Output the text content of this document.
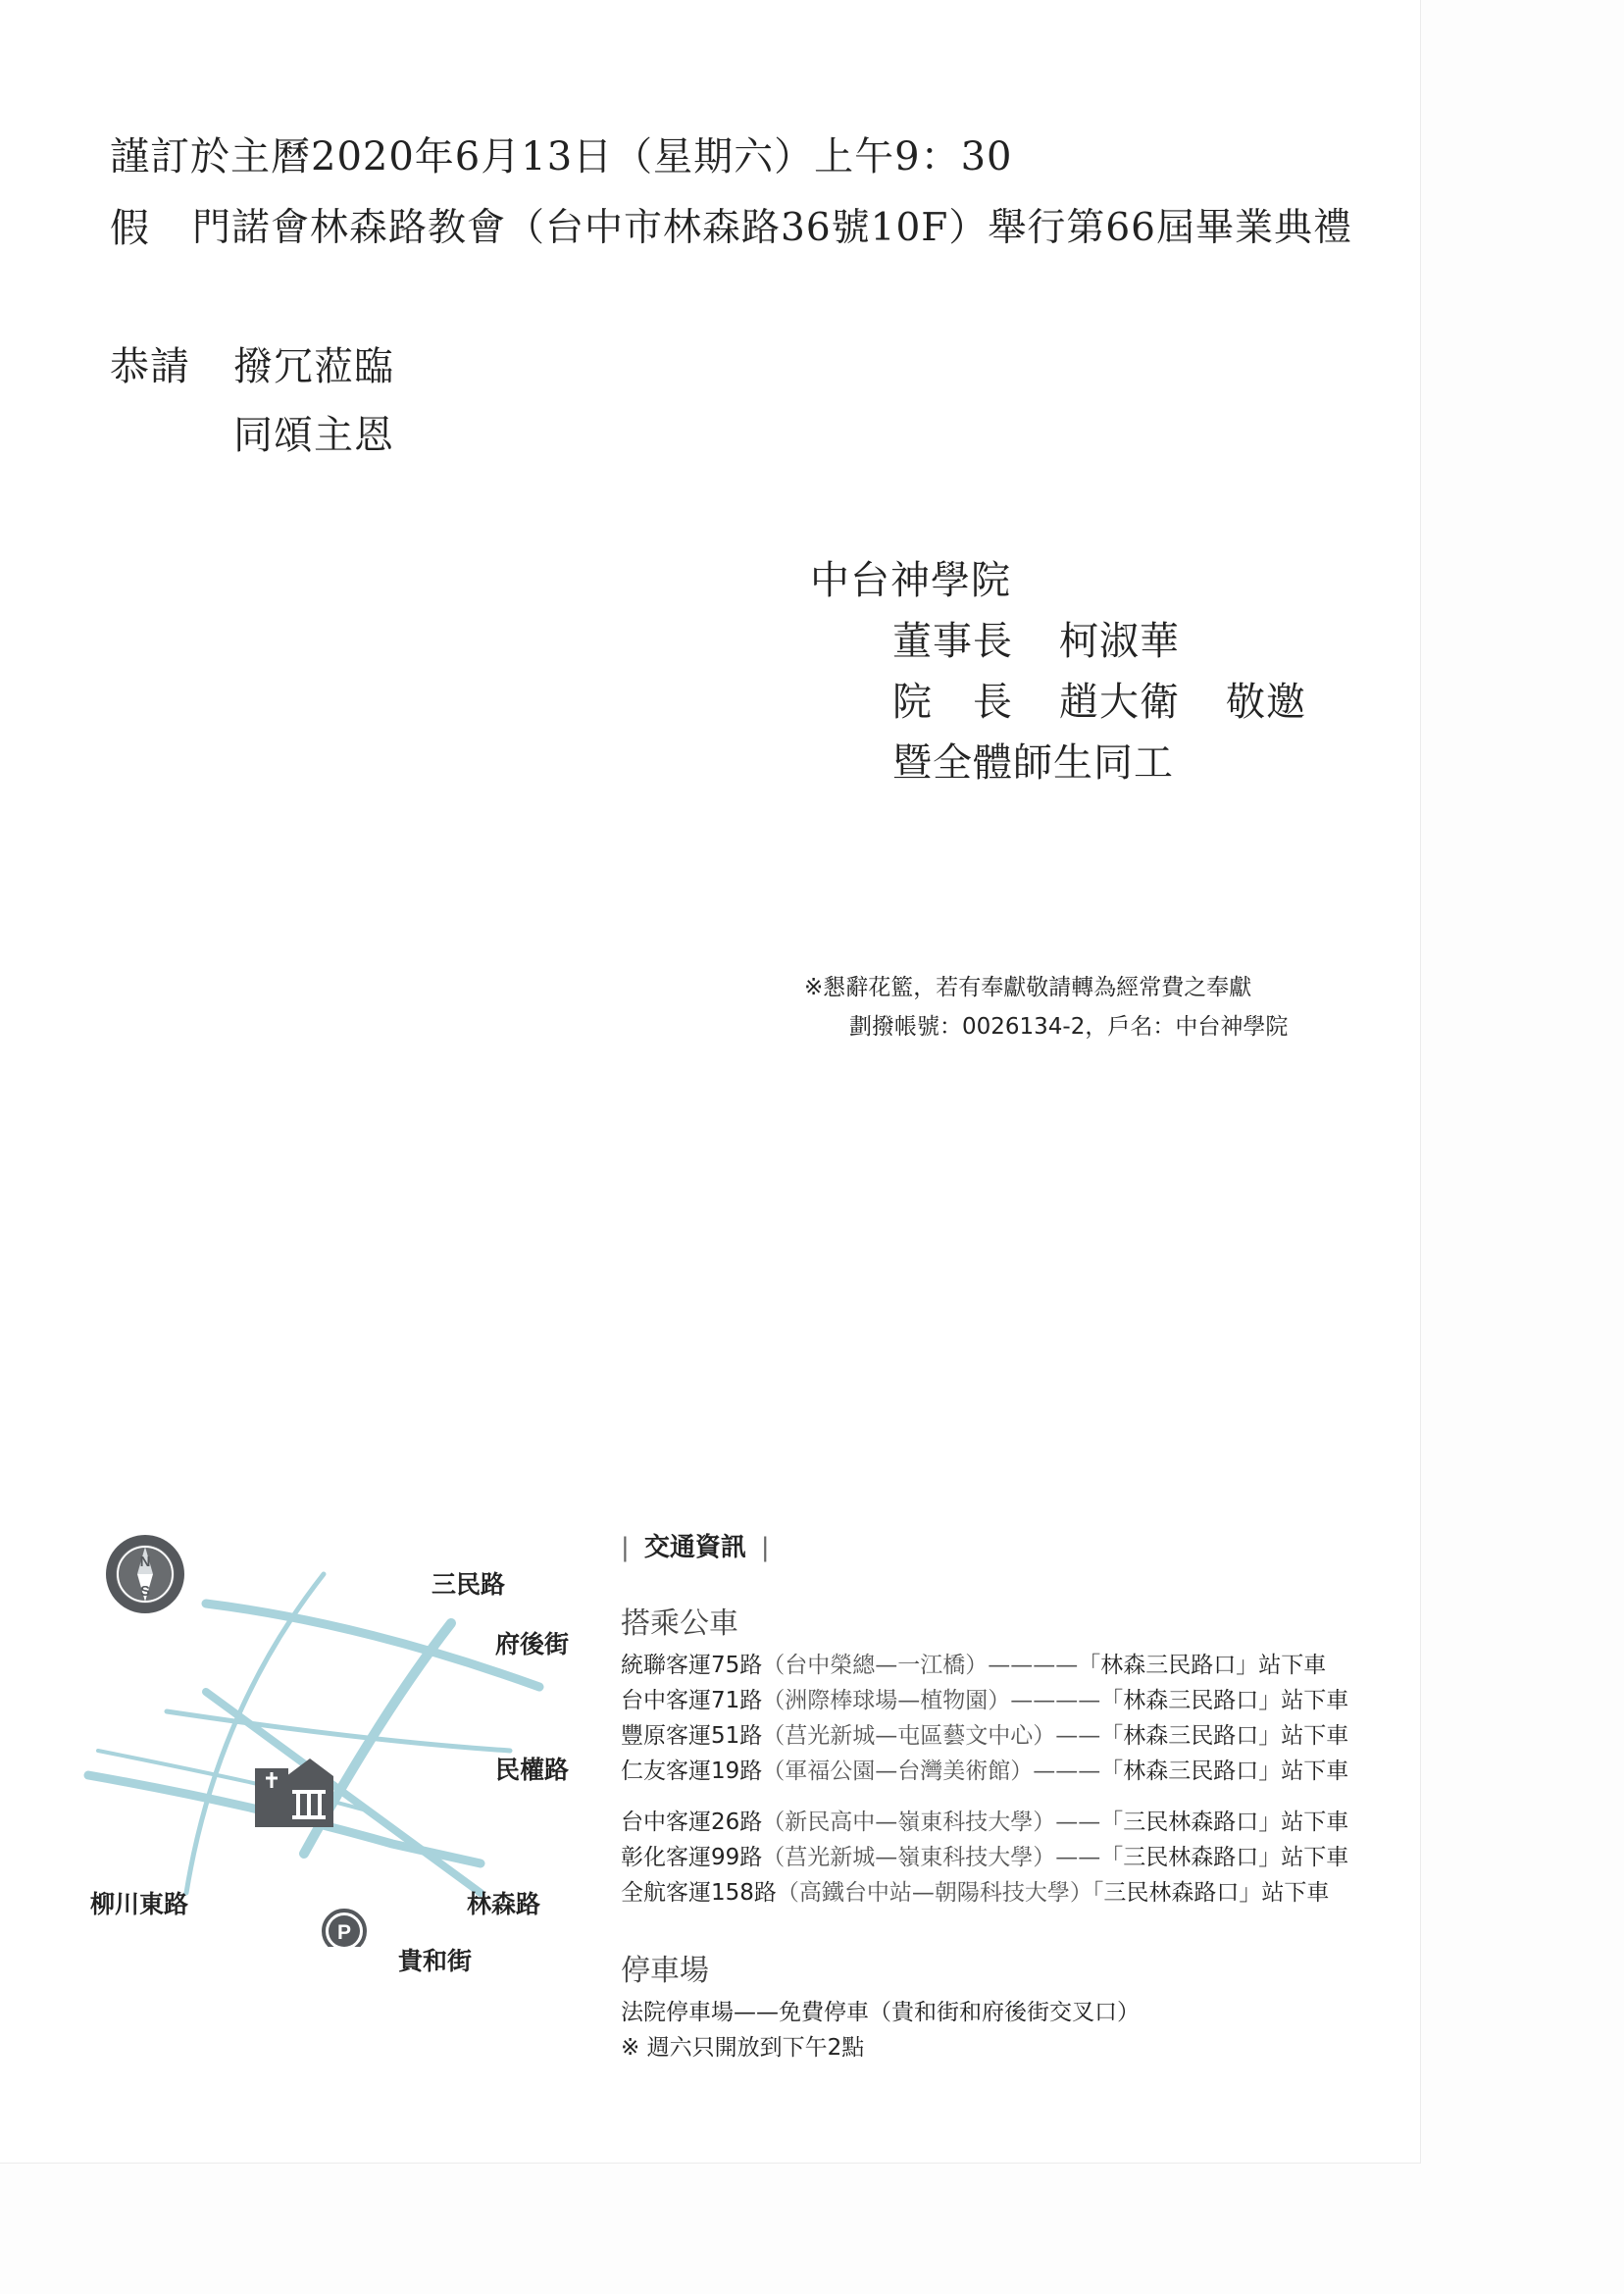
謹訂於主曆2020年6月13日（星期六）上午9：30
假 門諾會林森路教會（台中市林森路36號10F）舉行第66屆畢業典禮
恭請 撥冗蒞臨
同頌主恩
中台神學院
董事長 柯淑華
院　長 趙大衛 敬邀
暨全體師生同工
※懇辭花籃，若有奉獻敬請轉為經常費之奉獻
劃撥帳號：0026134-2，戶名：中台神學院
N
S
P
三民路
府後街
民權路
柳川東路	林森路
貴和街
| 交通資訊 |
搭乘公車
統聯客運75路（台中榮總—一江橋）————「林森三民路口」站下車
台中客運71路（洲際棒球場—植物園）————「林森三民路口」站下車
豐原客運51路（莒光新城—屯區藝文中心）——「林森三民路口」站下車
仁友客運19路（軍福公園—台灣美術館）———「林森三民路口」站下車
台中客運26路（新民高中—嶺東科技大學）——「三民林森路口」站下車
彰化客運99路（莒光新城—嶺東科技大學）——「三民林森路口」站下車
全航客運158路（高鐵台中站—朝陽科技大學）「三民林森路口」站下車
停車場
法院停車場——免費停車（貴和街和府後街交叉口）
※ 週六只開放到下午2點
